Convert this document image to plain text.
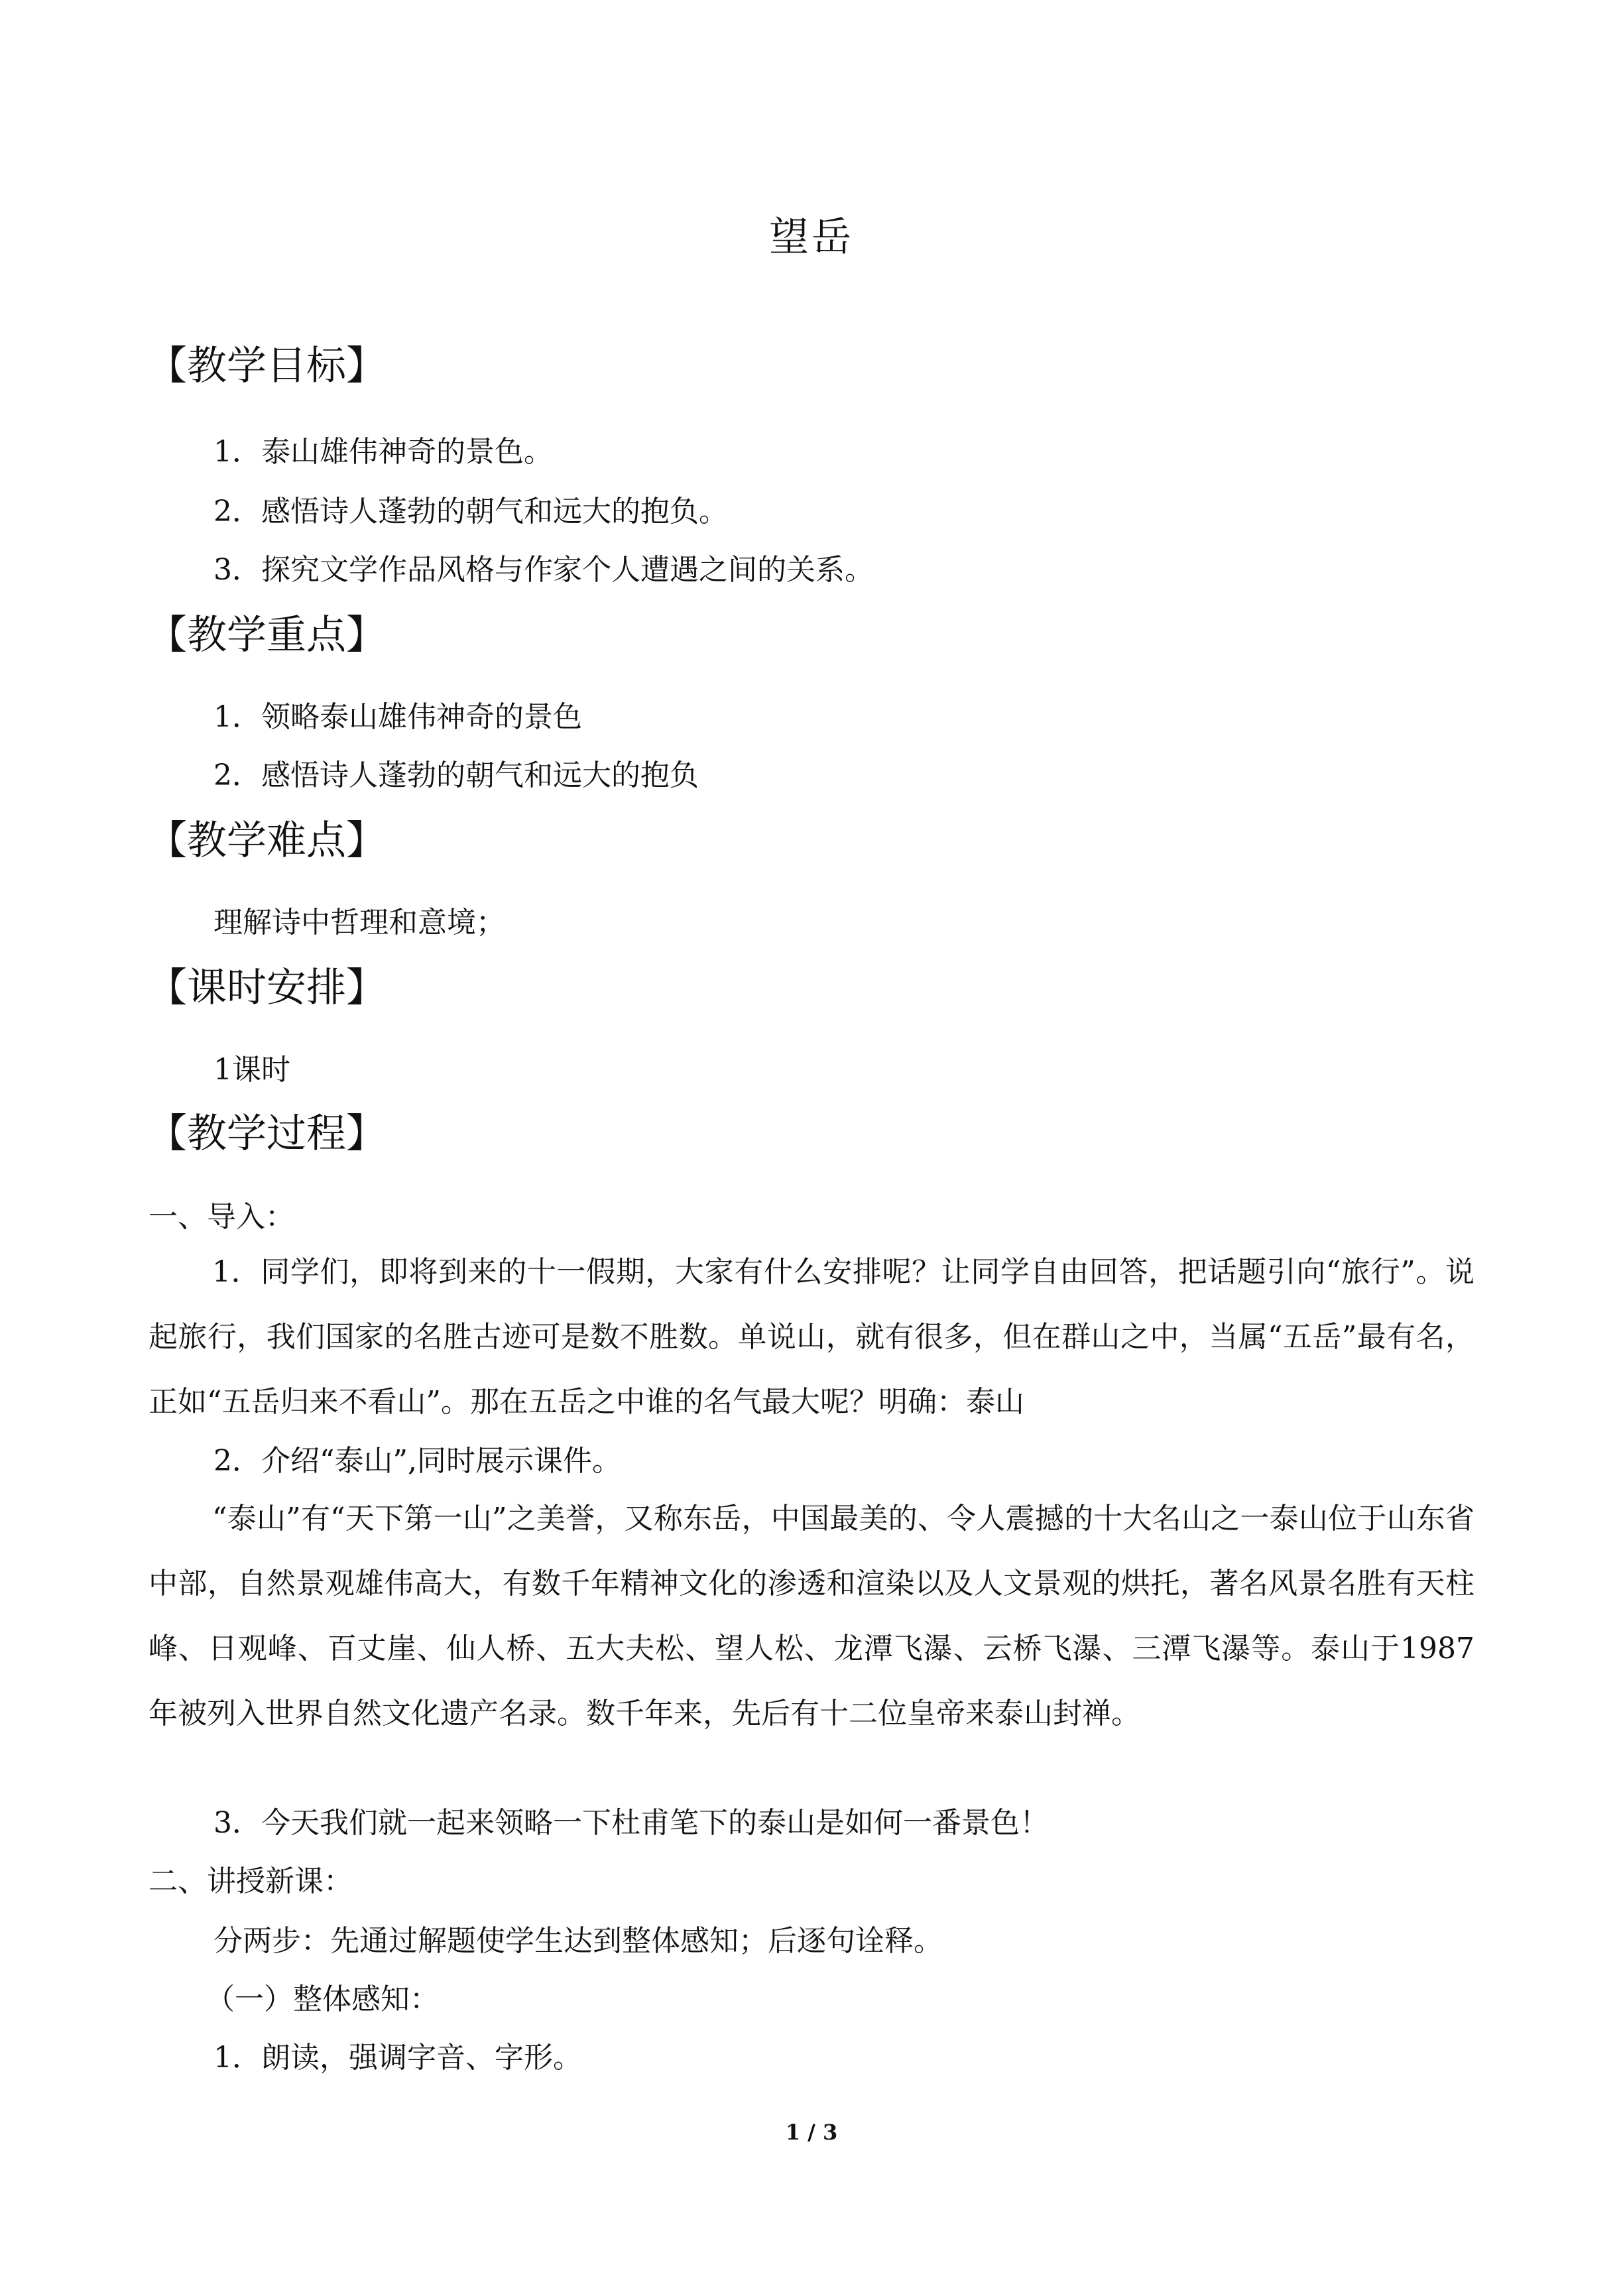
望岳
【教学目标】
1．泰山雄伟神奇的景色。
2．感悟诗人蓬勃的朝气和远大的抱负。
3．探究文学作品风格与作家个人遭遇之间的关系。
【教学重点】
1．领略泰山雄伟神奇的景色
2．感悟诗人蓬勃的朝气和远大的抱负
【教学难点】
理解诗中哲理和意境；
【课时安排】
1课时
【教学过程】
一、导入：
1．同学们，即将到来的十一假期，大家有什么安排呢？让同学自由回答，把话题引向“旅行”。说起旅行，我们国家的名胜古迹可是数不胜数。单说山，就有很多，但在群山之中，当属“五岳”最有名，正如“五岳归来不看山”。那在五岳之中谁的名气最大呢？明确：泰山
2．介绍“泰山”,同时展示课件。
“泰山”有“天下第一山”之美誉，又称东岳，中国最美的、令人震撼的十大名山之一泰山位于山东省中部，自然景观雄伟高大，有数千年精神文化的渗透和渲染以及人文景观的烘托，著名风景名胜有天柱峰、日观峰、百丈崖、仙人桥、五大夫松、望人松、龙潭飞瀑、云桥飞瀑、三潭飞瀑等。泰山于1987年被列入世界自然文化遗产名录。数千年来，先后有十二位皇帝来泰山封禅。
3．今天我们就一起来领略一下杜甫笔下的泰山是如何一番景色！
二、讲授新课：
分两步：先通过解题使学生达到整体感知；后逐句诠释。
（一）整体感知：
1．朗读，强调字音、字形。
1 / 3
